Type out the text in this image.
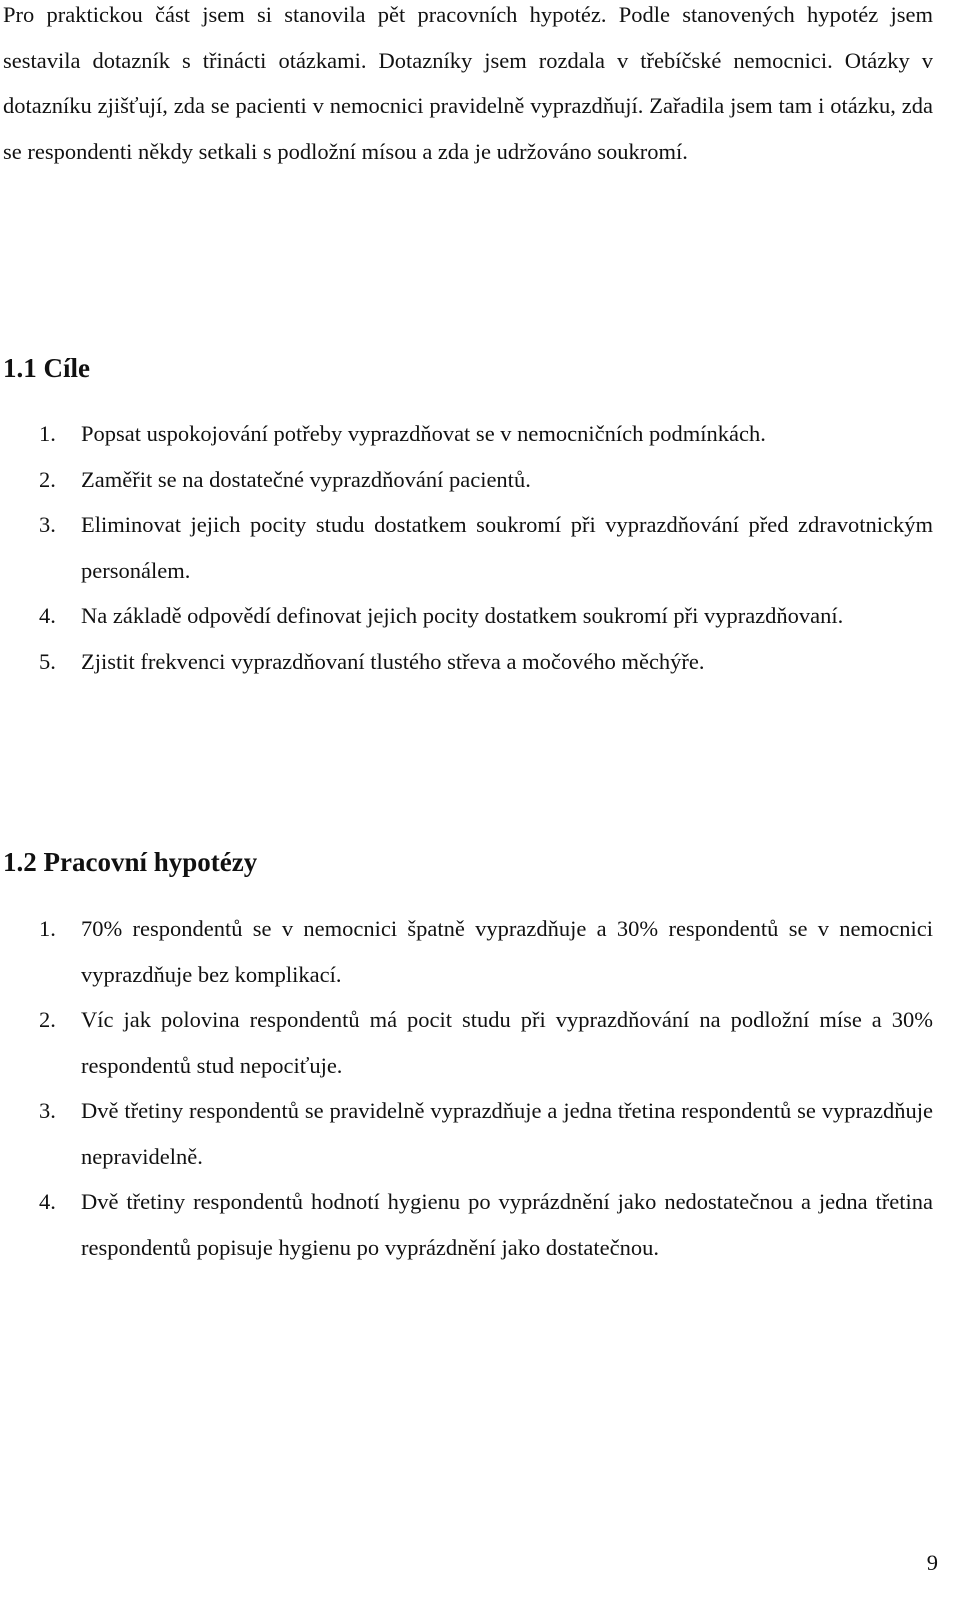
Pro praktickou část jsem si stanovila pět pracovních hypotéz. Podle stanovených hypotéz jsem sestavila dotazník s třinácti otázkami. Dotazníky jsem rozdala v třebíčské nemocnici. Otázky v dotazníku zjišťují, zda se pacienti v nemocnici pravidelně vyprazdňují. Zařadila jsem tam i otázku, zda se respondenti někdy setkali s podložní mísou a zda je udržováno soukromí.

1.1 Cíle
1. Popsat uspokojování potřeby vyprazdňovat se v nemocničních podmínkách.
2. Zaměřit se na dostatečné vyprazdňování pacientů.
3. Eliminovat jejich pocity studu dostatkem soukromí při vyprazdňování před zdravotnickým personálem.
4. Na základě odpovědí definovat jejich pocity dostatkem soukromí při vyprazdňovaní.
5. Zjistit frekvenci vyprazdňovaní tlustého střeva a močového měchýře.
1.2 Pracovní hypotézy
1. 70% respondentů se v nemocnici špatně vyprazdňuje a 30% respondentů se v nemocnici vyprazdňuje bez komplikací.
2. Víc jak polovina respondentů má pocit studu při vyprazdňování na podložní míse a 30% respondentů stud nepociťuje.
3. Dvě třetiny respondentů se pravidelně vyprazdňuje a jedna třetina respondentů se vyprazdňuje nepravidelně.
4. Dvě třetiny respondentů hodnotí hygienu po vyprázdnění jako nedostatečnou a jedna třetina respondentů popisuje hygienu po vyprázdnění jako dostatečnou.
9
